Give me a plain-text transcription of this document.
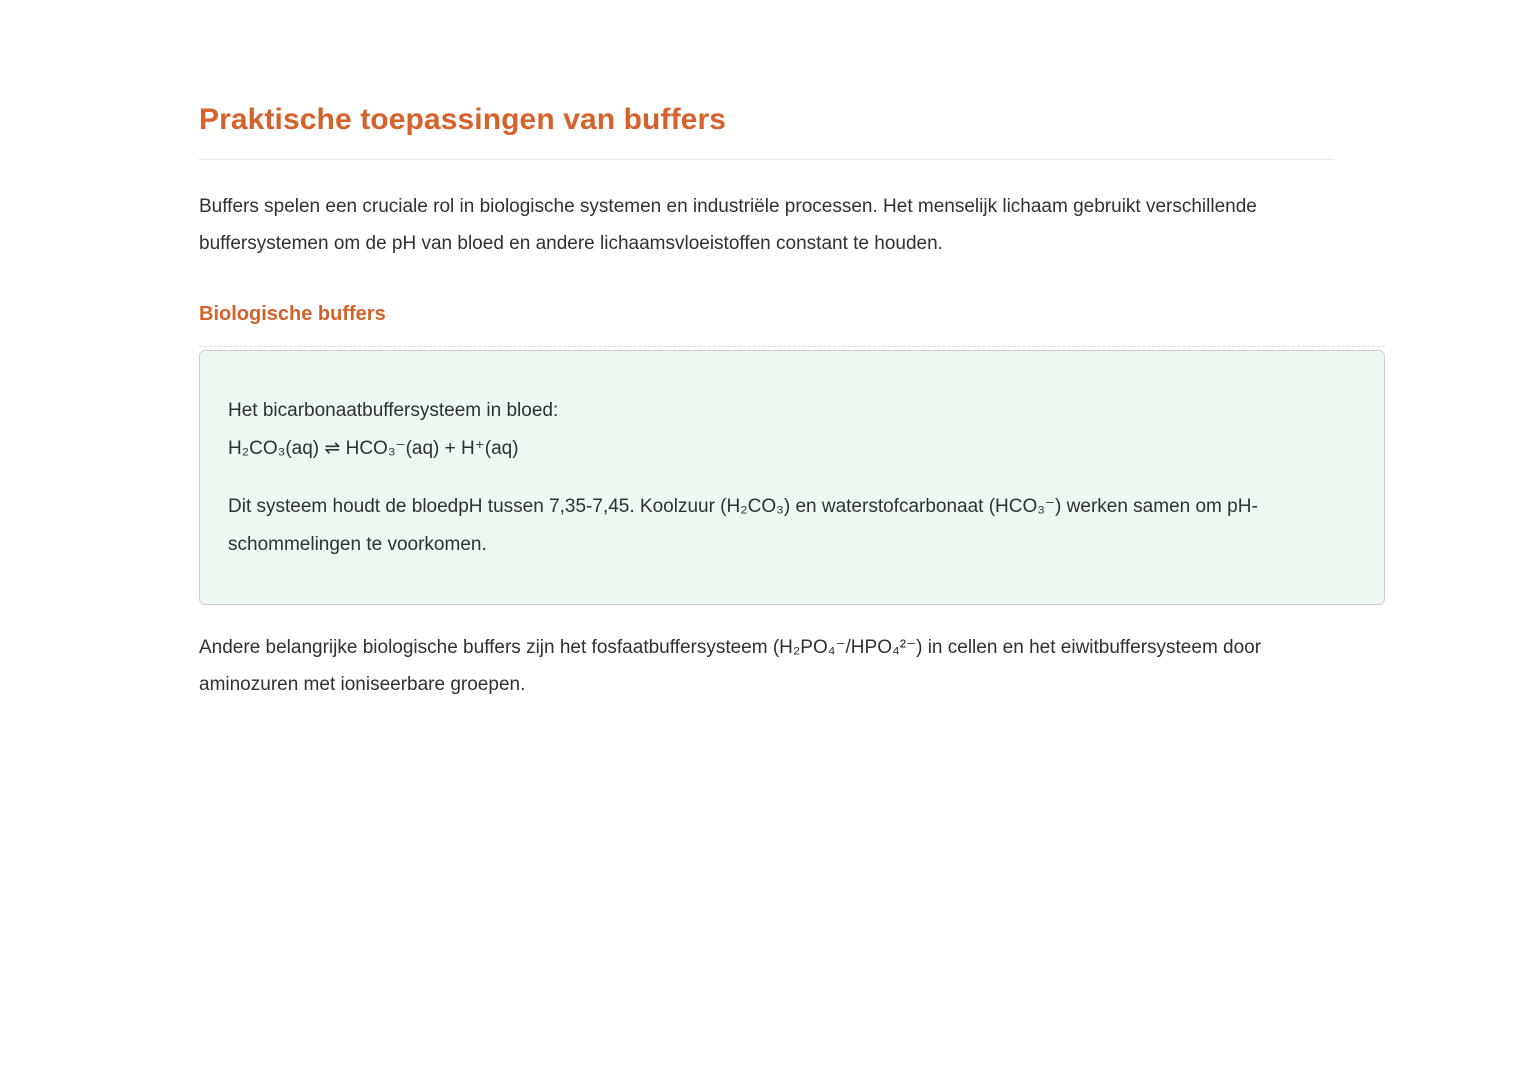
Praktische toepassingen van buffers

Buffers spelen een cruciale rol in biologische systemen en industriële processen. Het menselijk lichaam gebruikt verschillende buffersystemen om de pH van bloed en andere lichaamsvloeistoffen constant te houden.

Biologische buffers

Het bicarbonaatbuffersysteem in bloed:

H₂CO₃(aq) ⇌ HCO₃⁻(aq) + H⁺(aq)

Dit systeem houdt de bloedpH tussen 7,35-7,45. Koolzuur (H₂CO₃) en waterstofcarbonaat (HCO₃⁻) werken samen om pH-schommelingen te voorkomen.

Andere belangrijke biologische buffers zijn het fosfaatbuffersysteem (H₂PO₄⁻/HPO₄²⁻) in cellen en het eiwitbuffersysteem door aminozuren met ioniseerbare groepen.
